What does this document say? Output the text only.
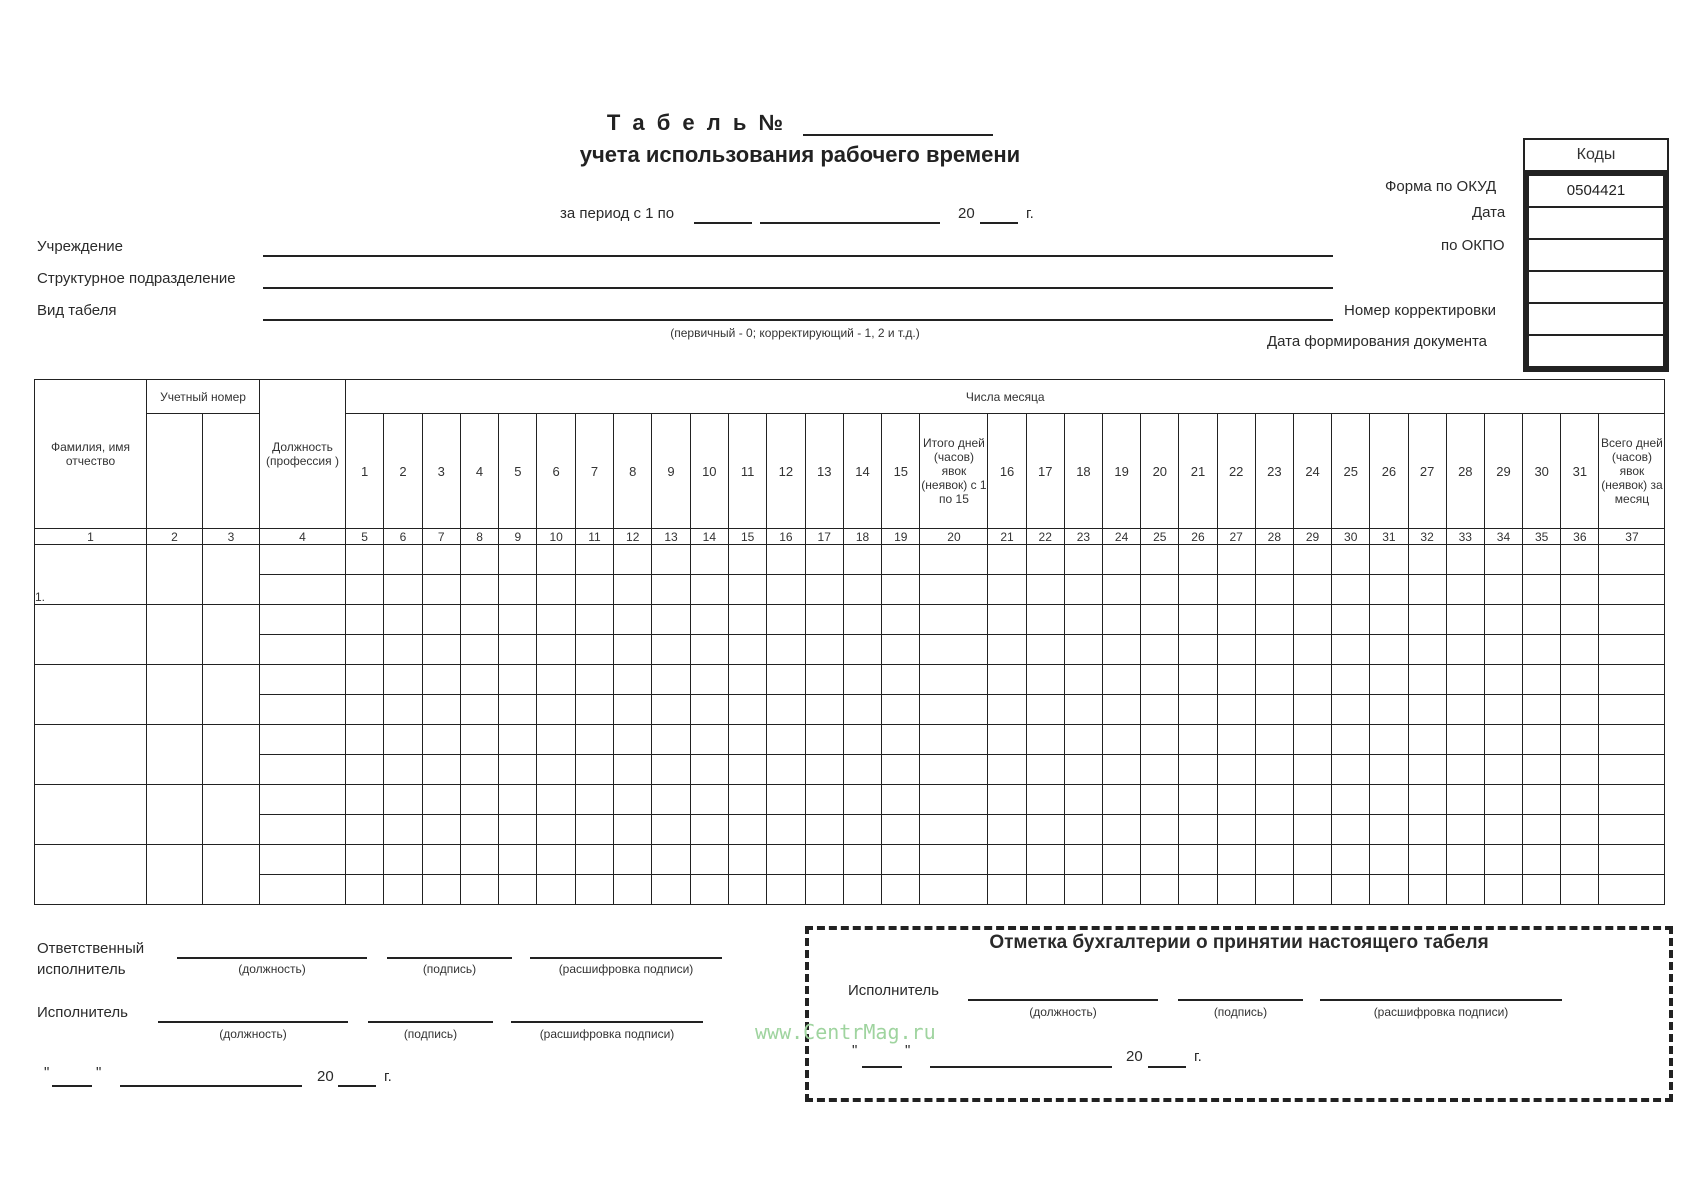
Т а б е л ь №
учета использования рабочего времени
за период с 1 по	20	г.
Учреждение
Структурное подразделение
Вид табеля
(первичный - 0; корректирующий - 1, 2 и т.д.)
Форма по ОКУД
Дата
по ОКПО
Номер корректировки
Дата формирования документа
Коды
0504421
Фамилия, имя отчество	Учетный номер		Должность (профессия )	Числа месяца																																
				1	2	3	4	5	6	7	8	9	10	11	12	13	14	15	Итого дней (часов) явок (неявок) с 1 по 15	16	17	18	19	20	21	22	23	24	25	26	27	28	29	30	31	Всего дней (часов) явок (неявок) за месяц
1	2	3	4	5	6	7	8	9	10	11	12	13	14	15	16	17	18	19	20	21	22	23	24	25	26	27	28	29	30	31	32	33	34	35	36	37
1.																																				

Ответственный исполнитель	(должность)	(подпись)	(расшифровка подписи)
Исполнитель
(должность)	(подпись)	(расшифровка подписи)
"	"	20	г.
Отметка бухгалтерии о принятии настоящего табеля
Исполнитель
(должность)	(подпись)	(расшифровка подписи)
"	"	20	г.
www.CentrMag.ru
